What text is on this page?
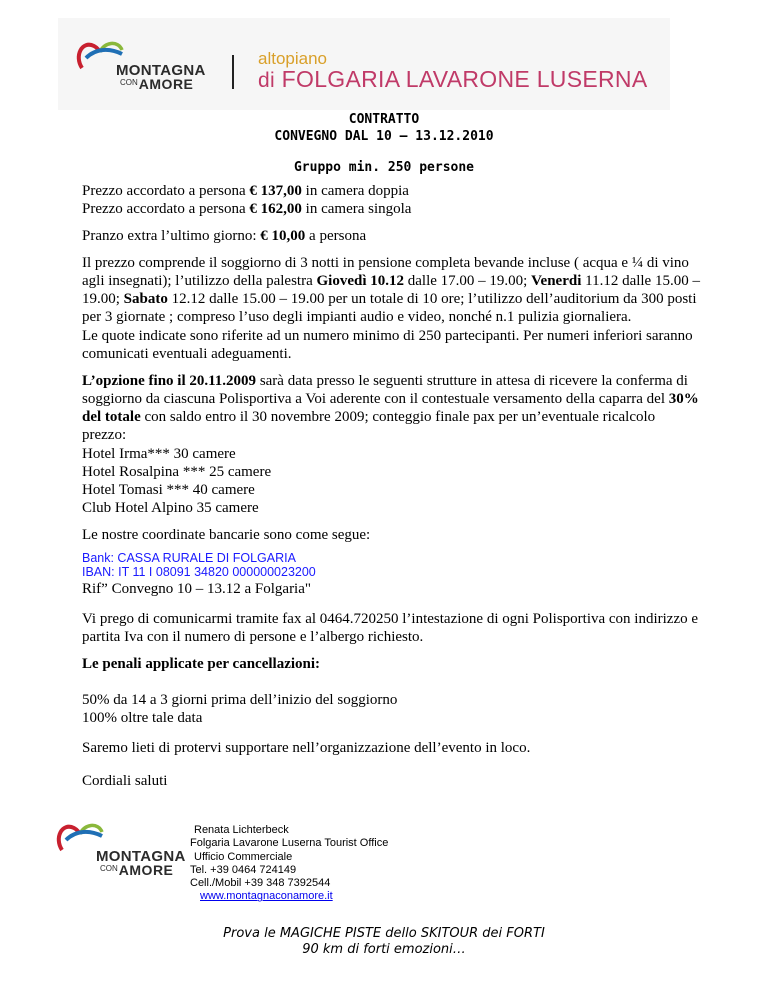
MONTAGNA
$^{CON}$AMORE
altopiano
di FOLGARIA LAVARONE LUSERNA
CONTRATTO
CONVEGNO DAL 10 – 13.12.2010
Gruppo min. 250 persone

Prezzo accordato a persona € 137,00 in camera doppia

Prezzo accordato a persona € 162,00 in camera singola

Pranzo extra l’ultimo giorno: € 10,00 a persona

Il prezzo comprende il soggiorno di 3 notti in pensione completa bevande incluse ( acqua e ¼ di vino agli insegnati); l’utilizzo della palestra Giovedì 10.12 dalle 17.00 – 19.00; Venerdi 11.12 dalle 15.00 – 19.00; Sabato 12.12 dalle 15.00 – 19.00 per un totale di 10 ore; l’utilizzo dell’auditorium da 300 posti per 3 giornate ; compreso l’uso degli impianti audio e video, nonché n.1 pulizia giornaliera.

Le quote indicate sono riferite ad un numero minimo di 250 partecipanti. Per numeri inferiori saranno comunicati eventuali adeguamenti.

L’opzione fino il 20.11.2009 sarà data presso le seguenti strutture in attesa di ricevere la conferma di soggiorno da ciascuna Polisportiva a Voi aderente con il contestuale versamento della caparra del 30% del totale con saldo entro il 30 novembre 2009; conteggio finale pax per un’eventuale ricalcolo prezzo:

Hotel Irma*** 30 camere

Hotel Rosalpina *** 25 camere

Hotel Tomasi *** 40 camere

Club Hotel Alpino 35 camere

Le nostre coordinate bancarie sono come segue:

Bank: CASSA RURALE DI FOLGARIA
IBAN: IT 11 I 08091 34820 000000023200

Rif” Convegno 10 – 13.12 a Folgaria"

Vi prego di comunicarmi tramite fax al 0464.720250 l’intestazione di ogni Polisportiva con indirizzo e partita Iva con il numero di persone e l’albergo richiesto.

Le penali applicate per cancellazioni:

50% da 14 a 3 giorni prima dell’inizio del soggiorno

100% oltre tale data

Saremo lieti di protervi supportare nell’organizzazione dell’evento in loco.

Cordiali saluti

MONTAGNA
$^{CON}$AMORE
Renata Lichterbeck
Folgaria Lavarone Luserna Tourist Office
Ufficio Commerciale
Tel. +39 0464 724149
Cell./Mobil +39 348 7392544
www.montagnaconamore.it
Prova le MAGICHE PISTE dello SKITOUR dei FORTI
90 km di forti emozioni…
